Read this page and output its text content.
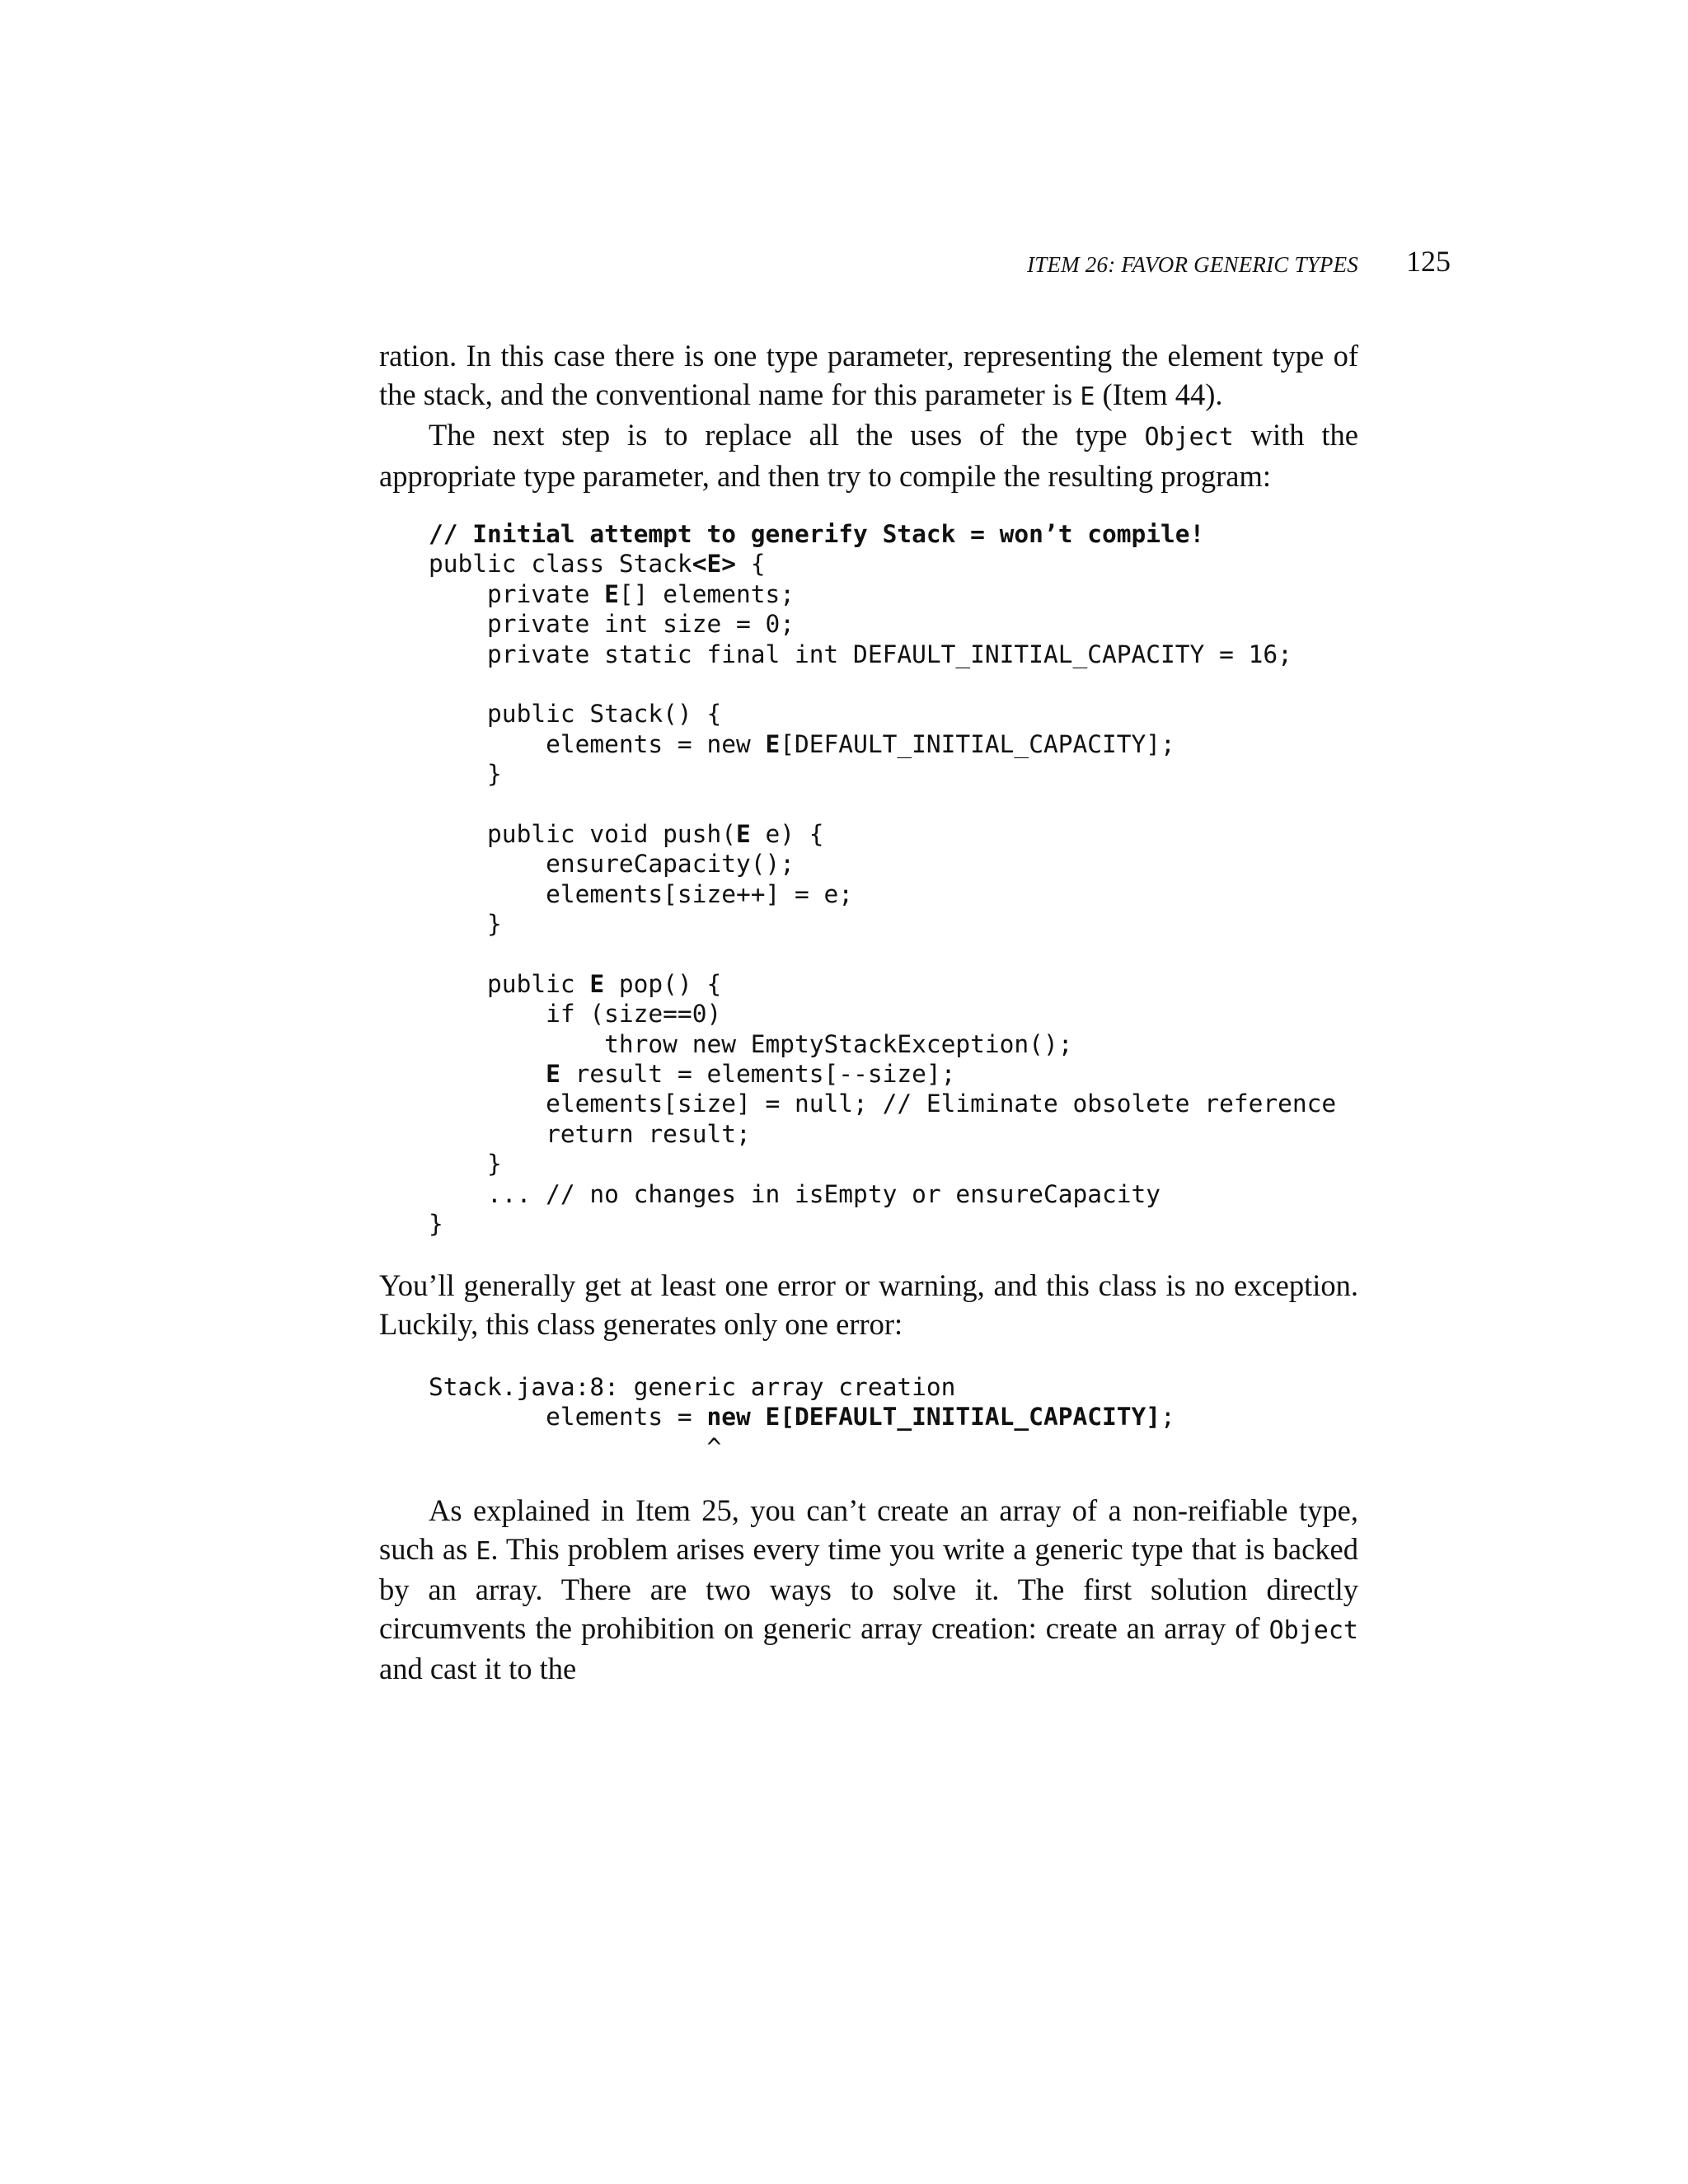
ITEM 26: FAVOR GENERIC TYPES 125

ration. In this case there is one type parameter, representing the element type of the stack, and the conventional name for this parameter is E (Item 44).

The next step is to replace all the uses of the type Object with the appropriate type parameter, and then try to compile the resulting program:

// Initial attempt to generify Stack = won’t compile!
public class Stack<E> {
private E[] elements;
private int size = 0;
private static final int DEFAULT_INITIAL_CAPACITY = 16;
public Stack() {
elements = new E[DEFAULT_INITIAL_CAPACITY];
}
public void push(E e) {
ensureCapacity();
elements[size++] = e;
}
public E pop() {
if (size==0)
throw new EmptyStackException();
E result = elements[--size];
elements[size] = null; // Eliminate obsolete reference
return result;
}
... // no changes in isEmpty or ensureCapacity
}

You’ll generally get at least one error or warning, and this class is no exception. Luckily, this class generates only one error:

Stack.java:8: generic array creation
elements = new E[DEFAULT_INITIAL_CAPACITY];
^

As explained in Item 25, you can’t create an array of a non-reifiable type, such as E. This problem arises every time you write a generic type that is backed by an array. There are two ways to solve it. The first solution directly circumvents the prohibition on generic array creation: create an array of Object and cast it to the
